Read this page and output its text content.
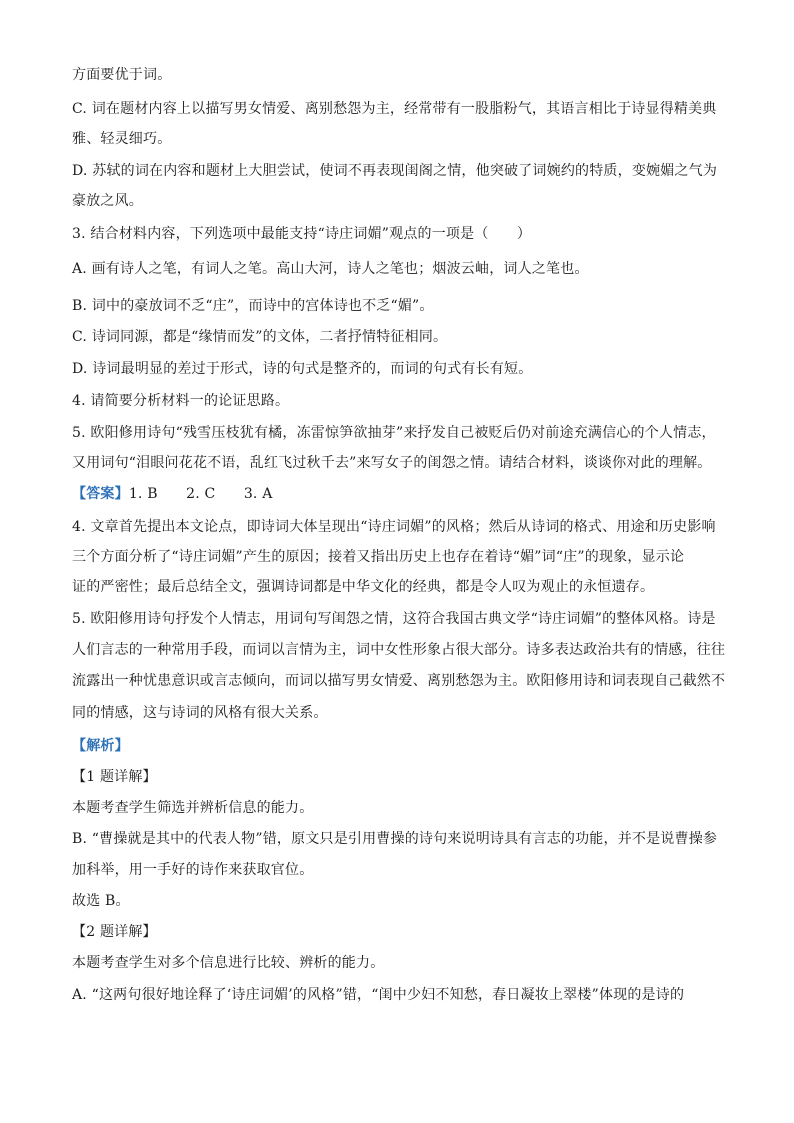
方面要优于词。
C. 词在题材内容上以描写男女情爱、离别愁怨为主，经常带有一股脂粉气，其语言相比于诗显得精美典
雅、轻灵细巧。
D. 苏轼的词在内容和题材上大胆尝试，使词不再表现闺阁之情，他突破了词婉约的特质，变婉媚之气为
豪放之风。
3. 结合材料内容，下列选项中最能支持“诗庄词媚”观点的一项是（　　）
A. 画有诗人之笔，有词人之笔。高山大河，诗人之笔也；烟波云岫，词人之笔也。
B. 词中的豪放词不乏“庄”，而诗中的宫体诗也不乏“媚”。
C. 诗词同源，都是“缘情而发”的文体，二者抒情特征相同。
D. 诗词最明显的差过于形式，诗的句式是整齐的，而词的句式有长有短。
4. 请简要分析材料一的论证思路。
5. 欧阳修用诗句“残雪压枝犹有橘，冻雷惊笋欲抽芽”来抒发自己被贬后仍对前途充满信心的个人情志，
又用词句“泪眼问花花不语，乱红飞过秋千去”来写女子的闺怨之情。请结合材料，谈谈你对此的理解。
【答案】1. B　　2. C　　3. A
4. 文章首先提出本文论点，即诗词大体呈现出“诗庄词媚”的风格；然后从诗词的格式、用途和历史影响
三个方面分析了“诗庄词媚”产生的原因；接着又指出历史上也存在着诗“媚”词“庄”的现象，显示论
证的严密性；最后总结全文，强调诗词都是中华文化的经典，都是令人叹为观止的永恒遗存。
5. 欧阳修用诗句抒发个人情志，用词句写闺怨之情，这符合我国古典文学“诗庄词媚”的整体风格。诗是
人们言志的一种常用手段，而词以言情为主，词中女性形象占很大部分。诗多表达政治共有的情感，往往
流露出一种忧患意识或言志倾向，而词以描写男女情爱、离别愁怨为主。欧阳修用诗和词表现自己截然不
同的情感，这与诗词的风格有很大关系。
【解析】
【1 题详解】
本题考查学生筛选并辨析信息的能力。
B. “曹操就是其中的代表人物”错，原文只是引用曹操的诗句来说明诗具有言志的功能，并不是说曹操参
加科举，用一手好的诗作来获取官位。
故选 B。
【2 题详解】
本题考查学生对多个信息进行比较、辨析的能力。
A. “这两句很好地诠释了‘诗庄词媚’的风格”错，“闺中少妇不知愁，春日凝妆上翠楼”体现的是诗的
